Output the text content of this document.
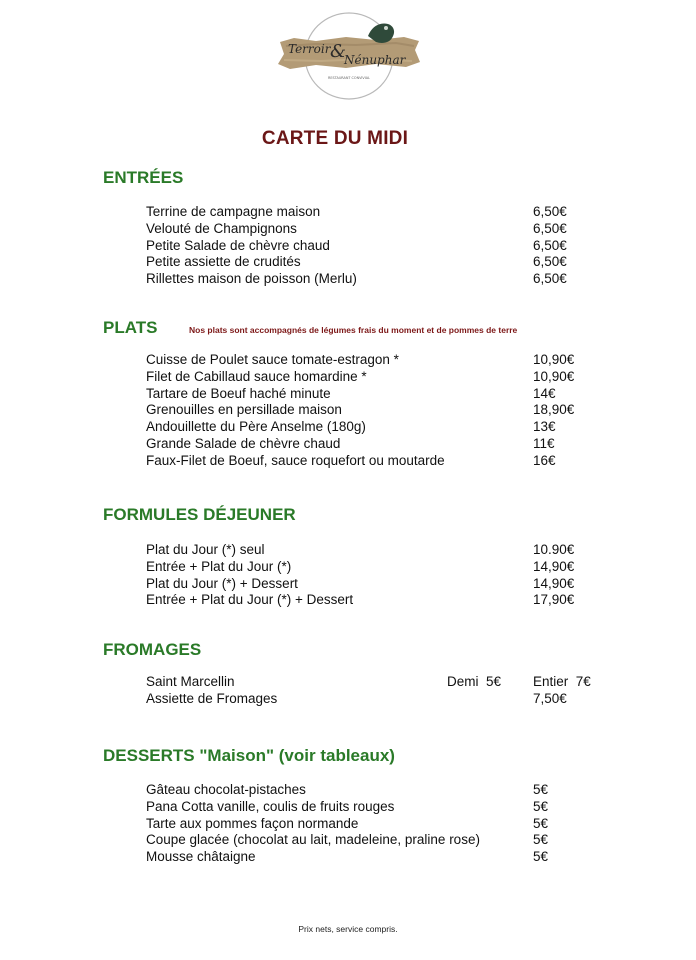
Terroir &
Nénuphar
RESTAURANT CONVIVIAL
CARTE DU MIDI
ENTRÉES
Terrine de campagne maison	6,50€
Velouté de Champignons	6,50€
Petite Salade de chèvre chaud	6,50€
Petite assiette de crudités	6,50€
Rillettes maison de poisson (Merlu)	6,50€
PLATS	Nos plats sont accompagnés de légumes frais du moment et de pommes de terre
Cuisse de Poulet sauce tomate-estragon *	10,90€
Filet de Cabillaud sauce homardine *	10,90€
Tartare de Boeuf haché minute	14€
Grenouilles en persillade maison	18,90€
Andouillette du Père Anselme (180g)	13€
Grande Salade de chèvre chaud	11€
Faux-Filet de Boeuf, sauce roquefort ou moutarde	16€
FORMULES DÉJEUNER
Plat du Jour (*) seul	10.90€
Entrée + Plat du Jour (*)	14,90€
Plat du Jour (*) + Dessert	14,90€
Entrée + Plat du Jour (*) + Dessert	17,90€
FROMAGES
Saint Marcellin	Demi  5€ Entier  7€
Assiette de Fromages	7,50€
DESSERTS "Maison" (voir tableaux)
Gâteau chocolat-pistaches	5€
Pana Cotta vanille, coulis de fruits rouges	5€
Tarte aux pommes façon normande	5€
Coupe glacée (chocolat au lait, madeleine, praline rose)	5€
Mousse châtaigne	5€
Prix nets, service compris.
